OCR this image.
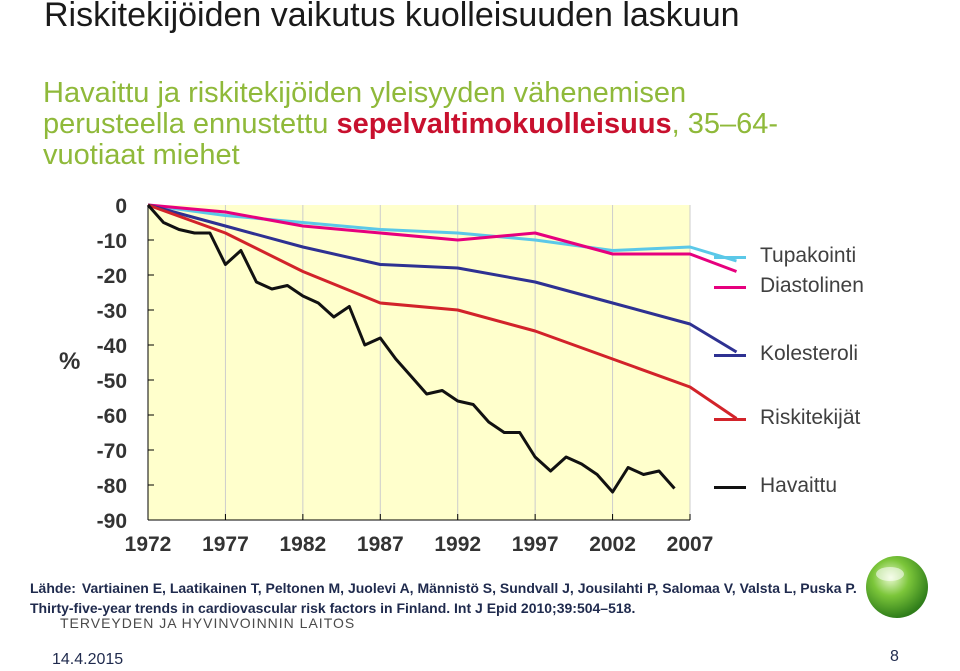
Riskitekijöiden vaikutus kuolleisuuden laskuun
Havaittu ja riskitekijöiden yleisyyden vähenemisen perusteella ennustettu sepelvaltimokuolleisuus, 35–64-vuotiaat miehet
%
1972 1977 1982 1987 1992 1997 2002 2007
0
-10
-20
-30
-40
-50
-60
-70
-80
-90
Tupakointi
Diastolinen
Kolesteroli
Riskitekijät
Havaittu
Lähde: Vartiainen E, Laatikainen T, Peltonen M, Juolevi A, Männistö S, Sundvall J, Jousilahti P, Salomaa V, Valsta L, Puska P. Thirty-five-year trends in cardiovascular risk factors in Finland. Int J Epid 2010;39:504–518.
TERVEYDEN JA HYVINVOINNIN LAITOS
14.4.2015	8
